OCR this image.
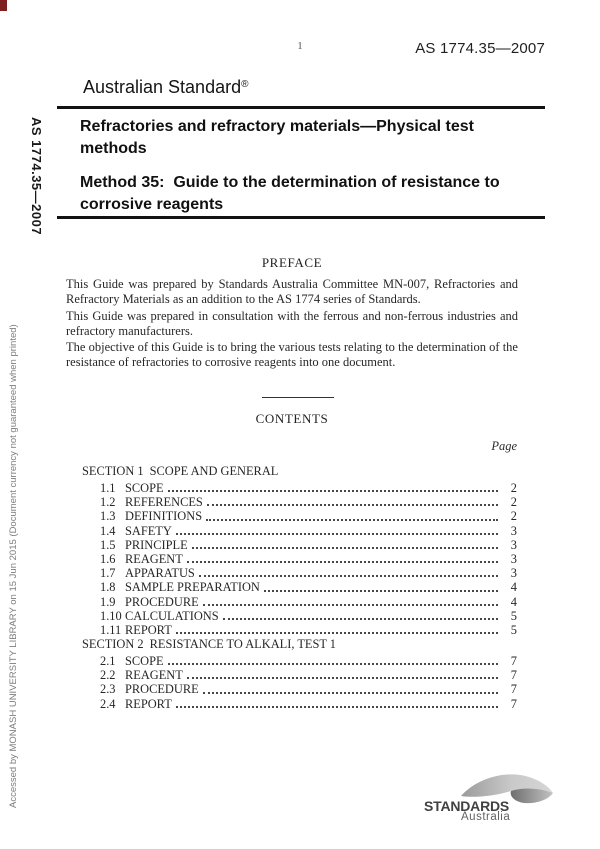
1	AS 1774.35—2007
Australian Standard®
Refractories and refractory materials—Physical test methods
Method 35:  Guide to the determination of resistance to corrosive reagents
PREFACE
This Guide was prepared by Standards Australia Committee MN-007, Refractories and Refractory Materials as an addition to the AS 1774 series of Standards.
This Guide was prepared in consultation with the ferrous and non-ferrous industries and refractory manufacturers.
The objective of this Guide is to bring the various tests relating to the determination of the resistance of refractories to corrosive reagents into one document.
CONTENTS
Page
SECTION 1 SCOPE AND GENERAL
1.1 SCOPE	2
1.2 REFERENCES	2
1.3 DEFINITIONS	2
1.4 SAFETY	3
1.5 PRINCIPLE	3
1.6 REAGENT	3
1.7 APPARATUS	3
1.8 SAMPLE PREPARATION	4
1.9 PROCEDURE	4
1.10 CALCULATIONS	5
1.11 REPORT	5
SECTION 2 RESISTANCE TO ALKALI, TEST 1
2.1 SCOPE	7
2.2 REAGENT	7
2.3 PROCEDURE	7
2.4 REPORT	7
AS 1774.35—2007
Accessed by MONASH UNIVERSITY LIBRARY on 15 Jun 2015 (Document currency not guaranteed when printed)	STANDARDS
Australia
